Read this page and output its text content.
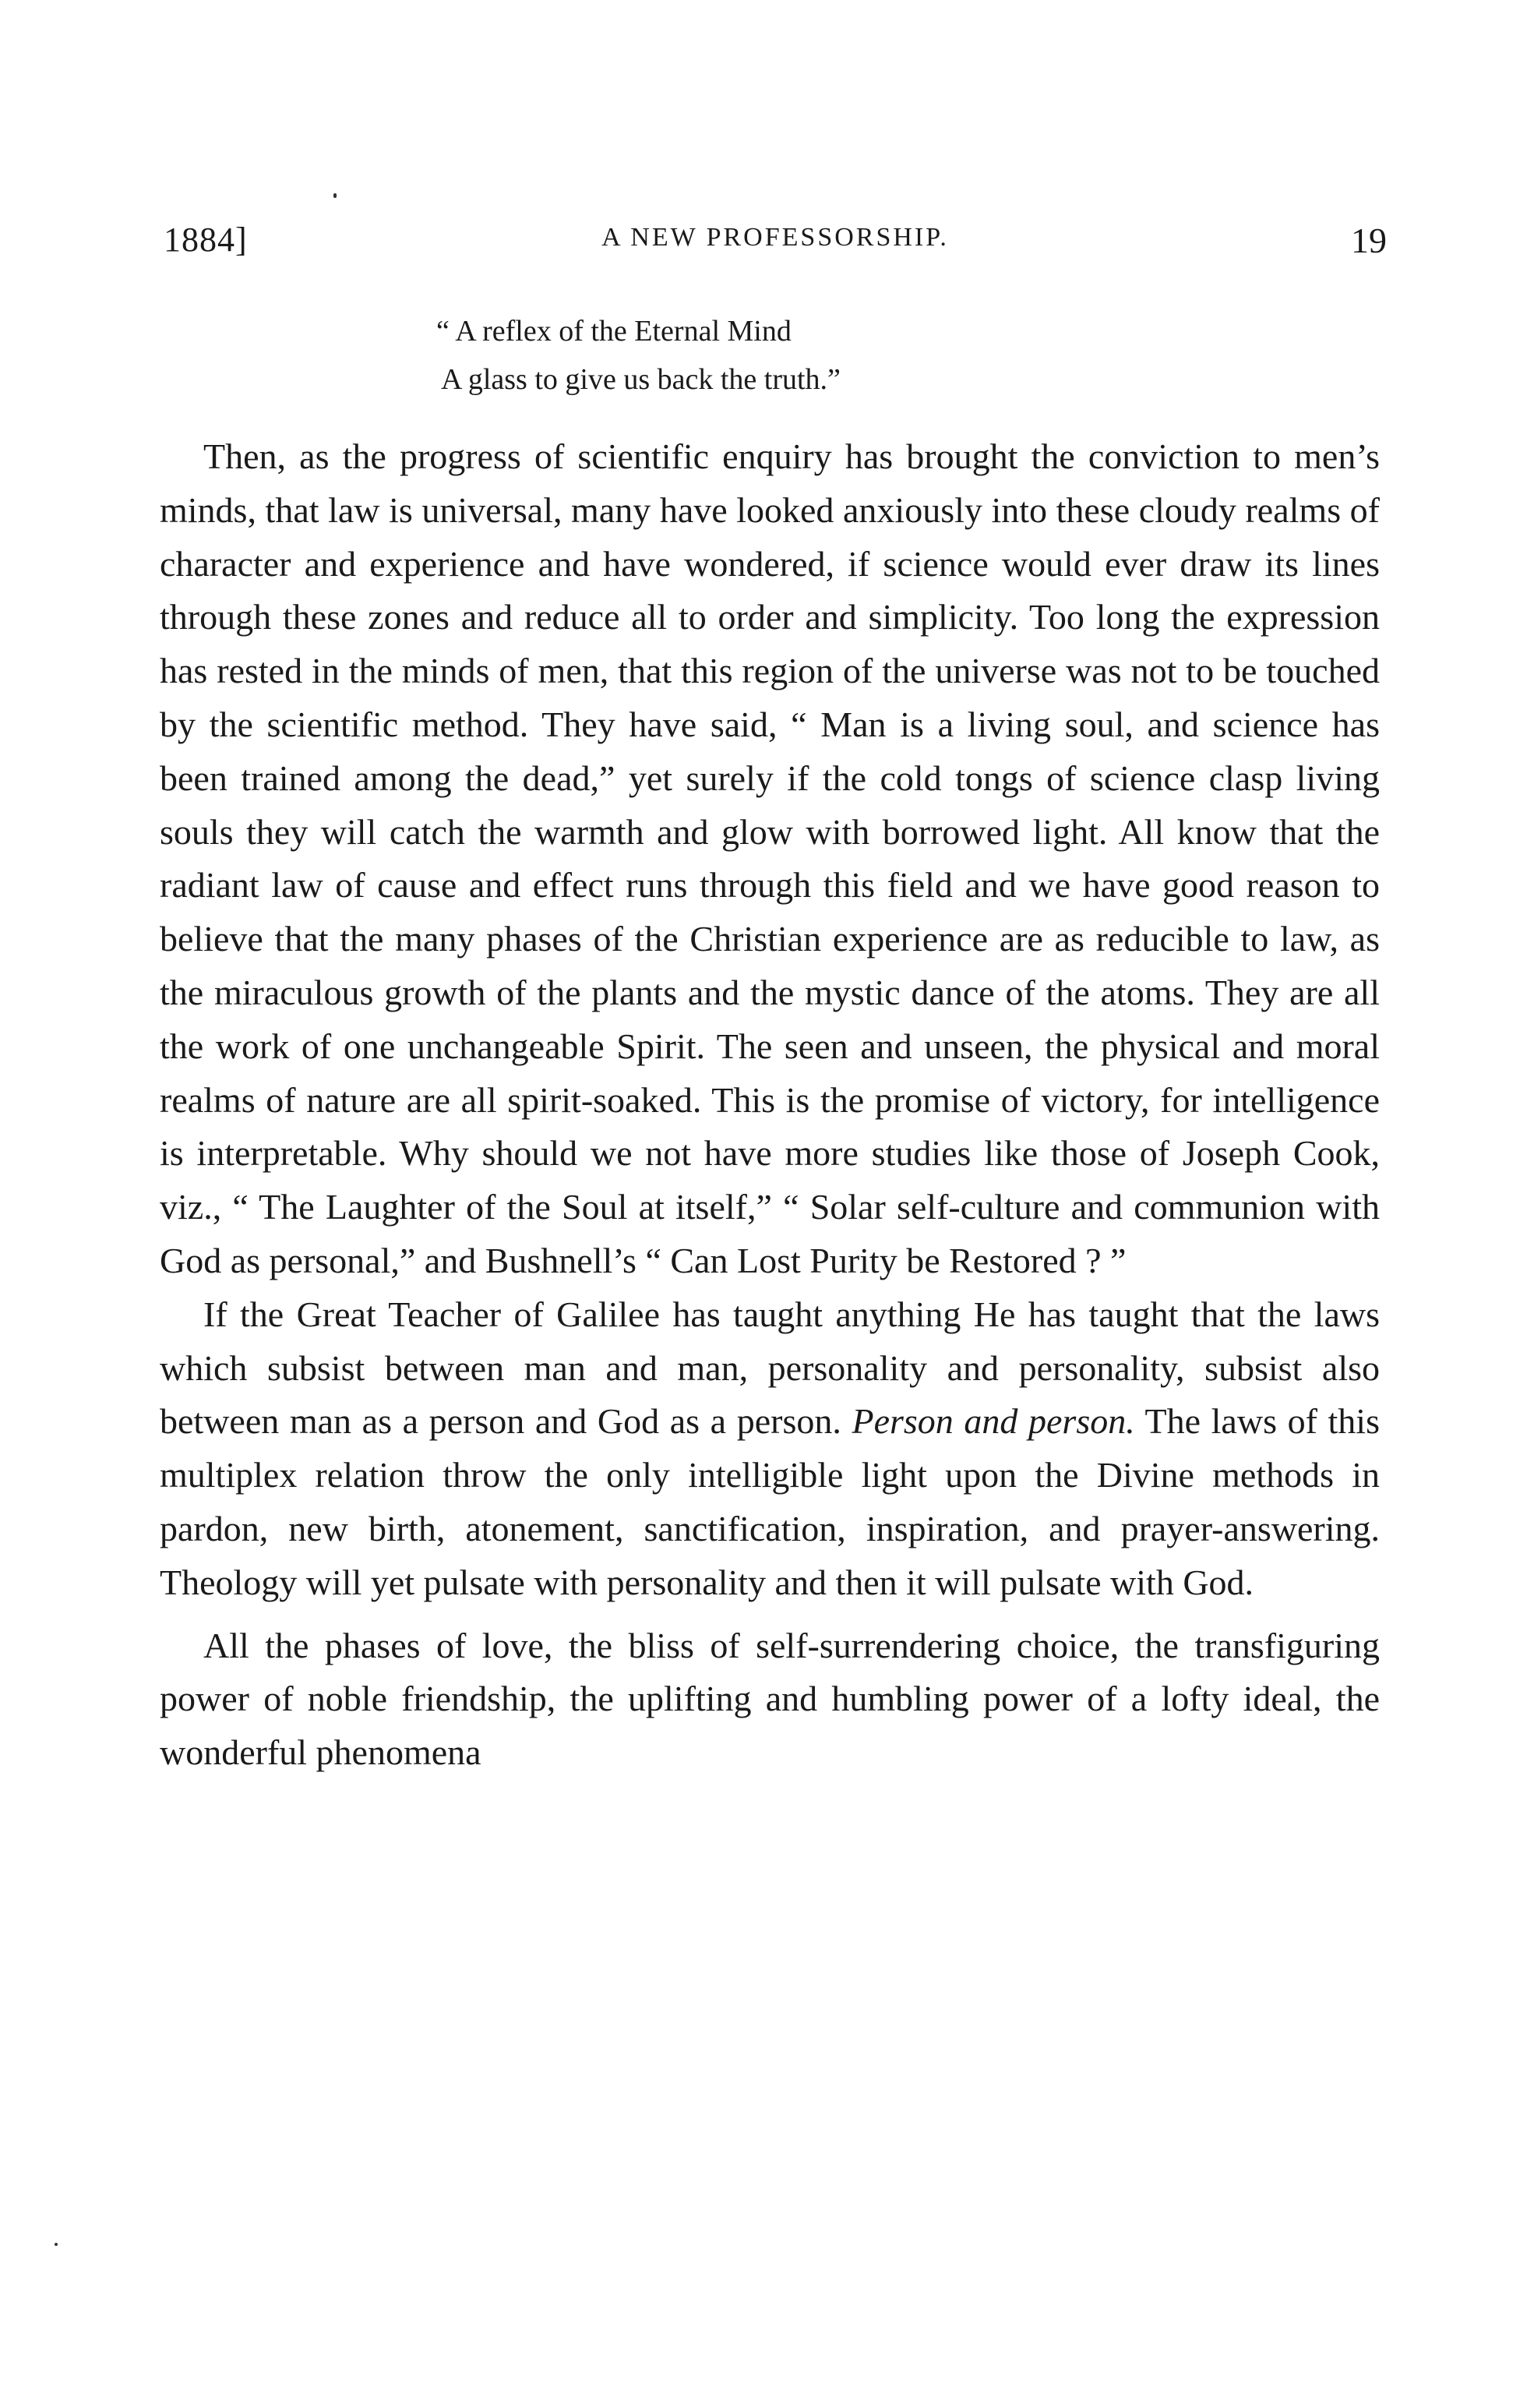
1884]	A NEW PROFESSORSHIP.	19
“ A reflex of the Eternal Mind
A glass to give us back the truth.”

Then, as the progress of scientific enquiry has brought the conviction to men’s minds, that law is universal, many have looked anxiously into these cloudy realms of character and experience and have wondered, if science would ever draw its lines through these zones and reduce all to order and simplicity. Too long the expression has rested in the minds of men, that this region of the universe was not to be touched by the scientific method. They have said, “ Man is a living soul, and science has been trained among the dead,” yet surely if the cold tongs of science clasp living souls they will catch the warmth and glow with borrowed light. All know that the radiant law of cause and effect runs through this field and we have good reason to believe that the many phases of the Christian experience are as reducible to law, as the miraculous growth of the plants and the mystic dance of the atoms. They are all the work of one unchangeable Spirit. The seen and unseen, the physical and moral realms of nature are all spirit-soaked. This is the promise of victory, for intelligence is interpretable. Why should we not have more studies like those of Joseph Cook, viz., “ The Laughter of the Soul at itself,” “ Solar self-culture and communion with God as personal,” and Bushnell’s “ Can Lost Purity be Restored ? ”

If the Great Teacher of Galilee has taught anything He has taught that the laws which subsist between man and man, personality and personality, subsist also between man as a person and God as a person. Person and person. The laws of this multiplex relation throw the only intelligible light upon the Divine methods in pardon, new birth, atonement, sanctification, inspiration, and prayer-answering. Theology will yet pulsate with personality and then it will pulsate with God.

All the phases of love, the bliss of self-surrendering choice, the transfiguring power of noble friendship, the uplifting and humbling power of a lofty ideal, the wonderful phenomena
